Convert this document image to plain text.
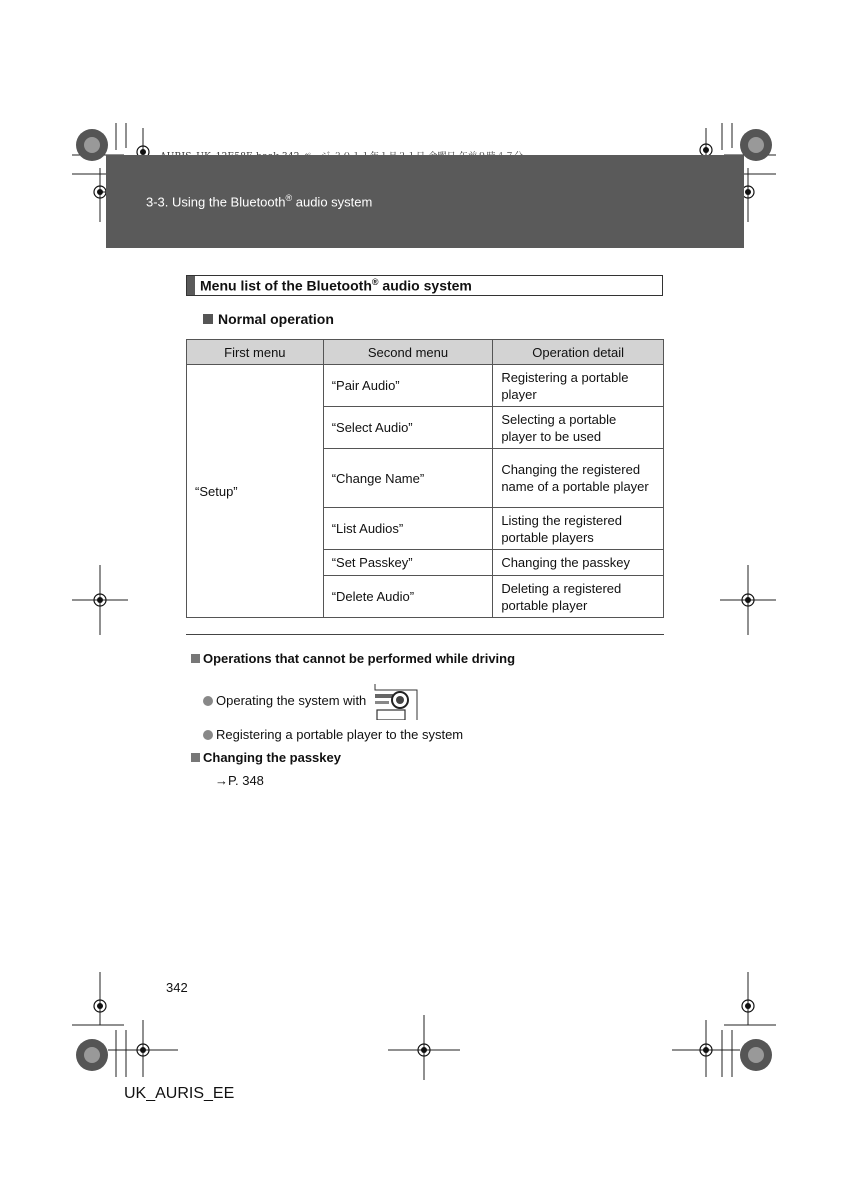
3-3. Using the Bluetooth® audio system
Menu list of the Bluetooth® audio system
Normal operation
First menu	Second menu	Operation detail
“Setup”	“Pair Audio”	Registering a portable player
	“Select Audio”	Selecting a portable player to be used
	“Change Name”	Changing the registered name of a portable player
	“List Audios”	Listing the registered portable players
	“Set Passkey”	Changing the passkey
	“Delete Audio”	Deleting a registered portable player
Operations that cannot be performed while driving
Operating the system with
Registering a portable player to the system
Changing the passkey
→P. 348
342
UK_AURIS_EE
